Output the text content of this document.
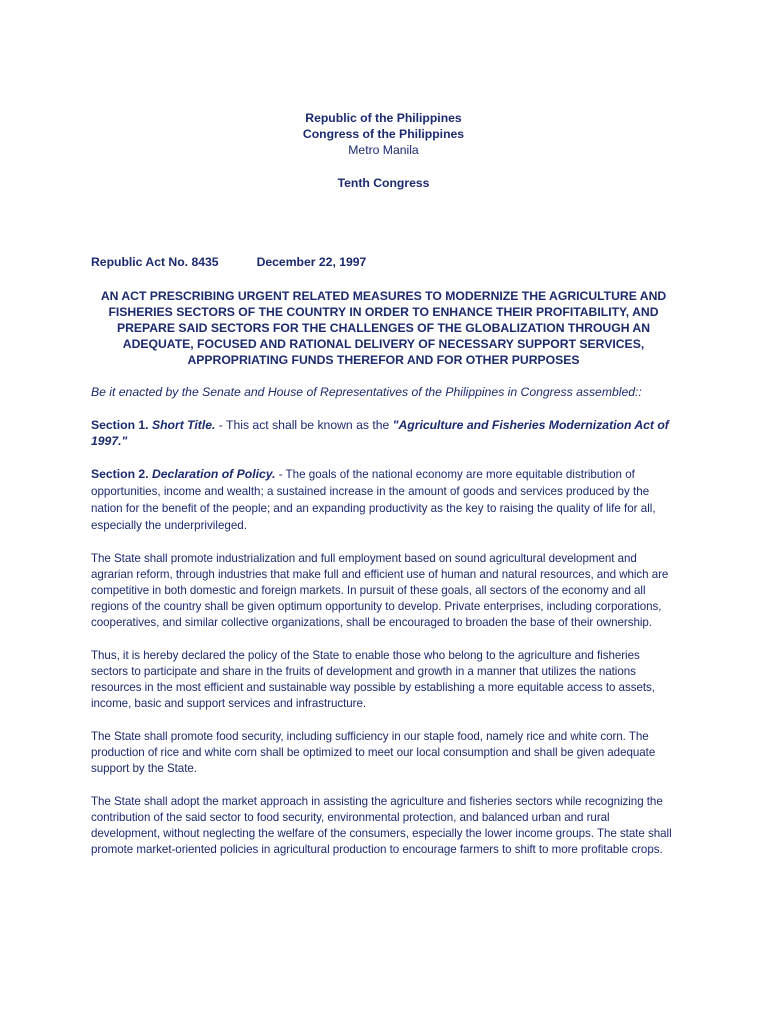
Republic of the Philippines
Congress of the Philippines
Metro Manila
Tenth Congress
Republic Act No. 8435	December 22, 1997
AN ACT PRESCRIBING URGENT RELATED MEASURES TO MODERNIZE THE AGRICULTURE AND FISHERIES SECTORS OF THE COUNTRY IN ORDER TO ENHANCE THEIR PROFITABILITY, AND PREPARE SAID SECTORS FOR THE CHALLENGES OF THE GLOBALIZATION THROUGH AN ADEQUATE, FOCUSED AND RATIONAL DELIVERY OF NECESSARY SUPPORT SERVICES, APPROPRIATING FUNDS THEREFOR AND FOR OTHER PURPOSES
Be it enacted by the Senate and House of Representatives of the Philippines in Congress assembled::
Section 1. Short Title. - This act shall be known as the "Agriculture and Fisheries Modernization Act of 1997."
Section 2. Declaration of Policy. - The goals of the national economy are more equitable distribution of opportunities, income and wealth; a sustained increase in the amount of goods and services produced by the nation for the benefit of the people; and an expanding productivity as the key to raising the quality of life for all, especially the underprivileged.
The State shall promote industrialization and full employment based on sound agricultural development and agrarian reform, through industries that make full and efficient use of human and natural resources, and which are competitive in both domestic and foreign markets. In pursuit of these goals, all sectors of the economy and all regions of the country shall be given optimum opportunity to develop. Private enterprises, including corporations, cooperatives, and similar collective organizations, shall be encouraged to broaden the base of their ownership.
Thus, it is hereby declared the policy of the State to enable those who belong to the agriculture and fisheries sectors to participate and share in the fruits of development and growth in a manner that utilizes the nations resources in the most efficient and sustainable way possible by establishing a more equitable access to assets, income, basic and support services and infrastructure.
The State shall promote food security, including sufficiency in our staple food, namely rice and white corn. The production of rice and white corn shall be optimized to meet our local consumption and shall be given adequate support by the State.
The State shall adopt the market approach in assisting the agriculture and fisheries sectors while recognizing the contribution of the said sector to food security, environmental protection, and balanced urban and rural development, without neglecting the welfare of the consumers, especially the lower income groups. The state shall promote market-oriented policies in agricultural production to encourage farmers to shift to more profitable crops.
